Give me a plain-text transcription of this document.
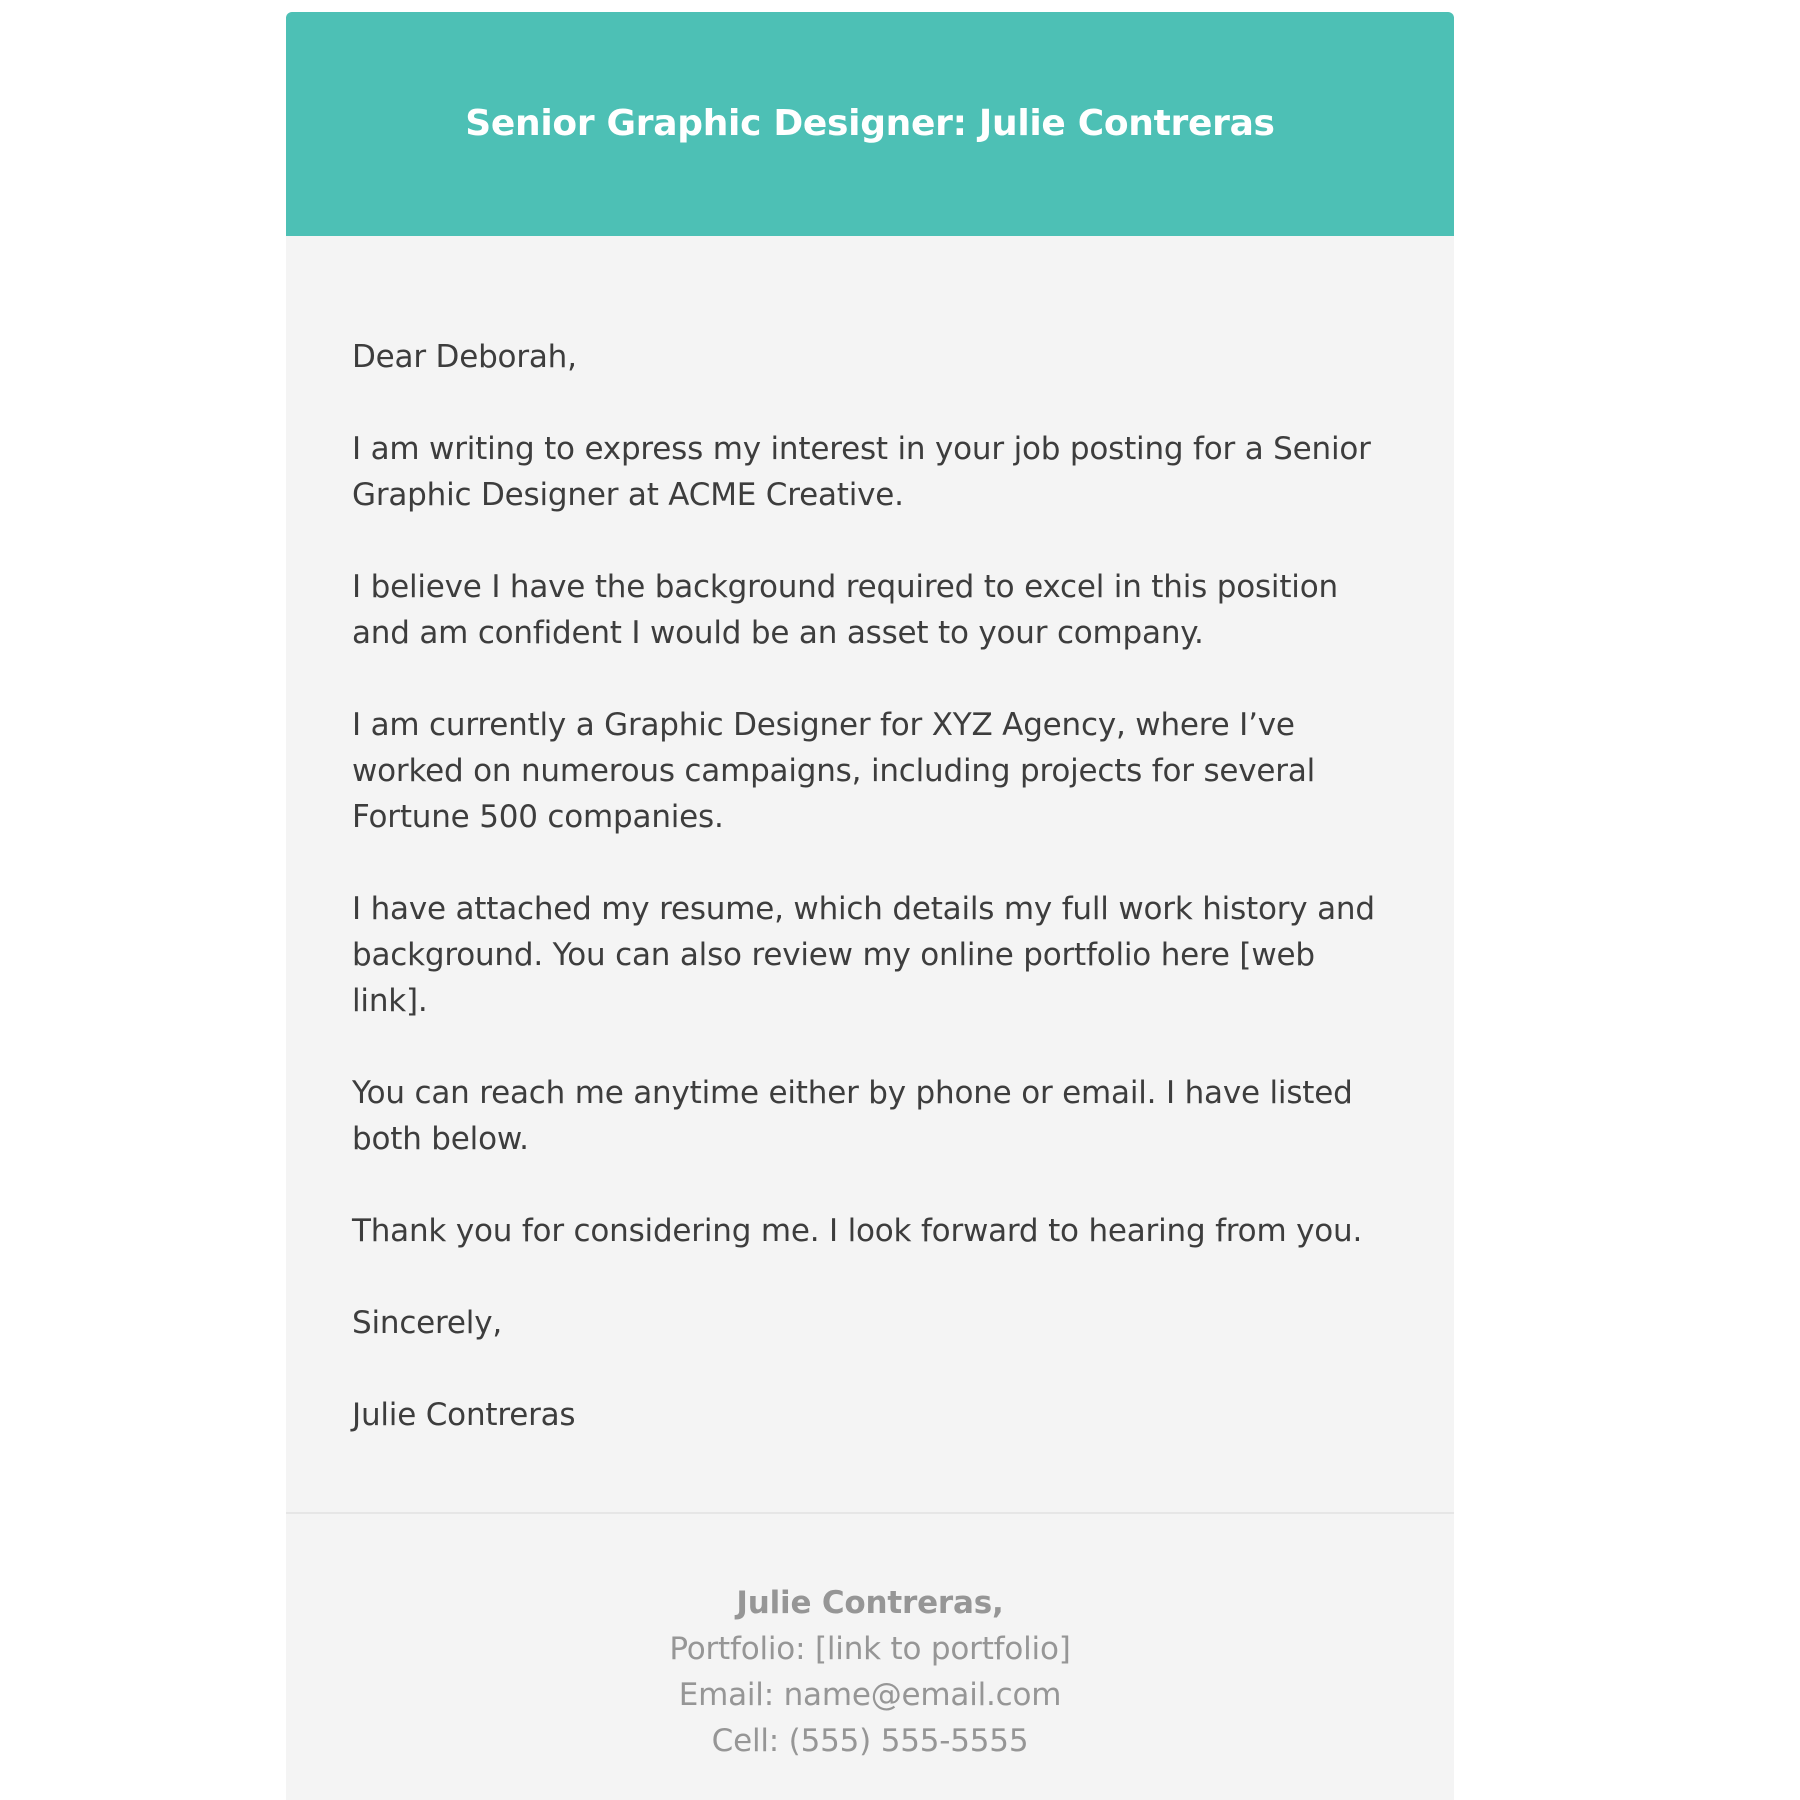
Senior Graphic Designer: Julie Contreras

Dear Deborah,

I am writing to express my interest in your job posting for a Senior Graphic Designer at ACME Creative.

I believe I have the background required to excel in this position and am confident I would be an asset to your company.

I am currently a Graphic Designer for XYZ Agency, where I’ve worked on numerous campaigns, including projects for several Fortune 500 companies.

I have attached my resume, which details my full work history and background. You can also review my online portfolio here [web link].

You can reach me anytime either by phone or email. I have listed both below.

Thank you for considering me. I look forward to hearing from you.

Sincerely,

Julie Contreras

Julie Contreras,
Portfolio: [link to portfolio]
Email: name@email.com
Cell: (555) 555-5555
